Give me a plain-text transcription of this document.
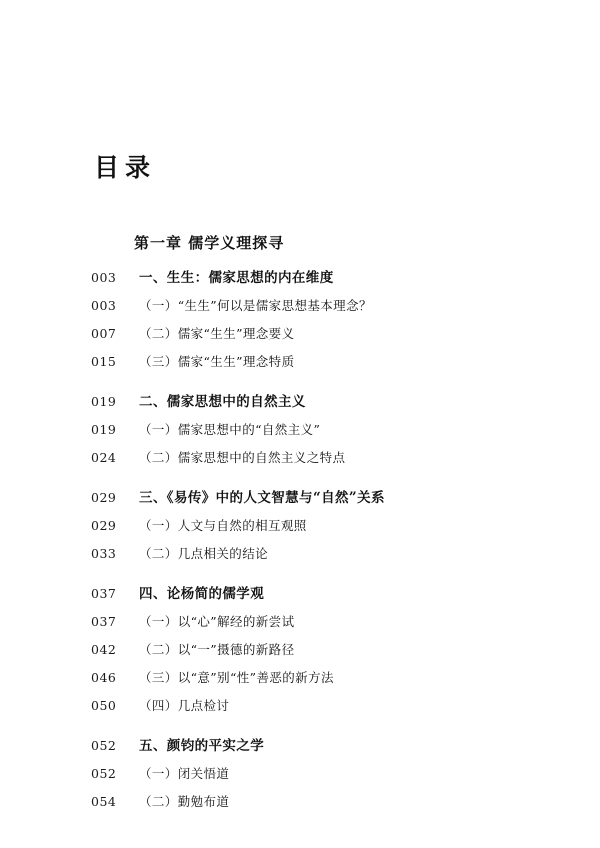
目录
第一章 儒学义理探寻
003	一、生生：儒家思想的内在维度
003	（一）“生生”何以是儒家思想基本理念？
007	（二）儒家“生生”理念要义
015	（三）儒家“生生”理念特质
019	二、儒家思想中的自然主义
019	（一）儒家思想中的“自然主义”
024	（二）儒家思想中的自然主义之特点
029	三、《易传》中的人文智慧与“自然”关系
029	（一）人文与自然的相互观照
033	（二）几点相关的结论
037	四、论杨简的儒学观
037	（一）以“心”解经的新尝试
042	（二）以“一”摄德的新路径
046	（三）以“意”别“性”善恶的新方法
050	（四）几点检讨
052	五、颜钧的平实之学
052	（一）闭关悟道
054	（二）勤勉布道
